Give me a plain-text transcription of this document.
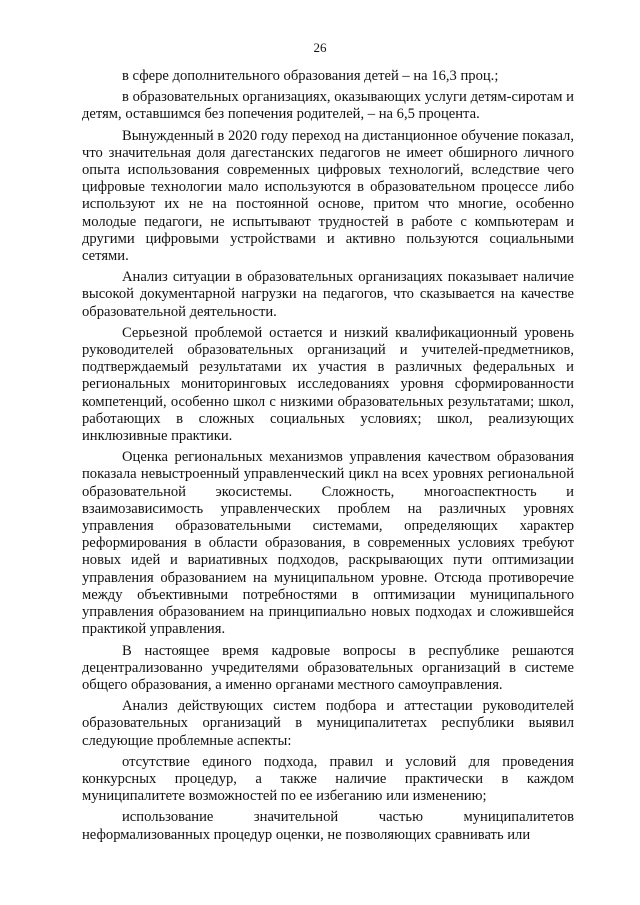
26

в сфере дополнительного образования детей – на 16,3 проц.;

в образовательных организациях, оказывающих услуги детям-сиротам и детям, оставшимся без попечения родителей, – на 6,5 процента.

Вынужденный в 2020 году переход на дистанционное обучение показал, что значительная доля дагестанских педагогов не имеет обширного личного опыта использования современных цифровых технологий, вследствие чего цифровые технологии мало используются в образовательном процессе либо используют их не на постоянной основе, притом что многие, особенно молодые педагоги, не испытывают трудностей в работе с компьютерам и другими цифровыми устройствами и активно пользуются социальными сетями.

Анализ ситуации в образовательных организациях показывает наличие высокой документарной нагрузки на педагогов, что сказывается на качестве образовательной деятельности.

Серьезной проблемой остается и низкий квалификационный уровень руководителей образовательных организаций и учителей-предметников, подтверждаемый результатами их участия в различных федеральных и региональных мониторинговых исследованиях уровня сформированности компетенций, особенно школ с низкими образовательных результатами; школ, работающих в сложных социальных условиях; школ, реализующих инклюзивные практики.

Оценка региональных механизмов управления качеством образования показала невыстроенный управленческий цикл на всех уровнях региональной образовательной экосистемы. Сложность, многоаспектность и взаимозависимость управленческих проблем на различных уровнях управления образовательными системами, определяющих характер реформирования в области образования, в современных условиях требуют новых идей и вариативных подходов, раскрывающих пути оптимизации управления образованием на муниципальном уровне. Отсюда противоречие между объективными потребностями в оптимизации муниципального управления образованием на принципиально новых подходах и сложившейся практикой управления.

В настоящее время кадровые вопросы в республике решаются децентрализованно учредителями образовательных организаций в системе общего образования, а именно органами местного самоуправления.

Анализ действующих систем подбора и аттестации руководителей образовательных организаций в муниципалитетах республики выявил следующие проблемные аспекты:

отсутствие единого подхода, правил и условий для проведения конкурсных процедур, а также наличие практически в каждом муниципалитете возможностей по ее избеганию или изменению;

использование значительной частью муниципалитетов неформализованных процедур оценки, не позволяющих сравнивать или
